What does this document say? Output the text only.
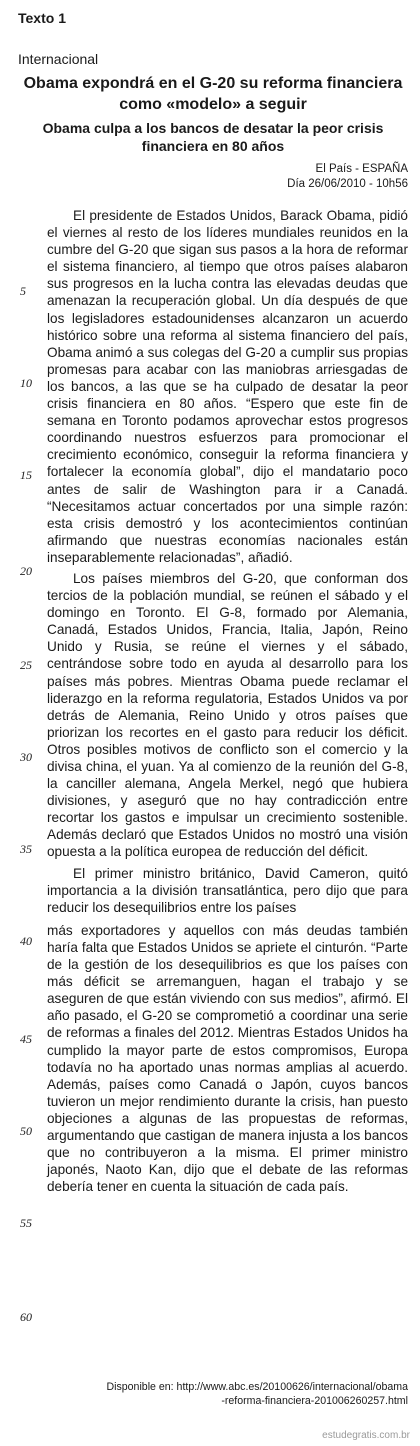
Texto 1
Internacional
Obama expondrá en el G-20 su reforma financiera como «modelo» a seguir
Obama culpa a los bancos de desatar la peor crisis financiera en 80 años
El País - ESPAÑA
Día 26/06/2010 - 10h56

El presidente de Estados Unidos, Barack Obama, pidió el viernes al resto de los líderes mundiales reunidos en la cumbre del G-20 que sigan sus pasos a la hora de reformar el sistema financiero, al tiempo que otros países alabaron sus progresos en la lucha contra las elevadas deudas que amenazan la recuperación global. Un día después de que los legisladores estadounidenses alcanzaron un acuerdo histórico sobre una reforma al sistema financiero del país, Obama animó a sus colegas del G-20 a cumplir sus propias promesas para acabar con las maniobras arriesgadas de los bancos, a las que se ha culpado de desatar la peor crisis financiera en 80 años. “Espero que este fin de semana en Toronto podamos aprovechar estos progresos coordinando nuestros esfuerzos para promocionar el crecimiento económico, conseguir la reforma financiera y fortalecer la economía global”, dijo el mandatario poco antes de salir de Washington para ir a Canadá. “Necesitamos actuar concertados por una simple razón: esta crisis demostró y los acontecimientos continúan afirmando que nuestras economías nacionales están inseparablemente relacionadas”, añadió.

Los países miembros del G-20, que conforman dos tercios de la población mundial, se reúnen el sábado y el domingo en Toronto. El G-8, formado por Alemania, Canadá, Estados Unidos, Francia, Italia, Japón, Reino Unido y Rusia, se reúne el viernes y el sábado, centrándose sobre todo en ayuda al desarrollo para los países más pobres. Mientras Obama puede reclamar el liderazgo en la reforma regulatoria, Estados Unidos va por detrás de Alemania, Reino Unido y otros países que priorizan los recortes en el gasto para reducir los déficit. Otros posibles motivos de conflicto son el comercio y la divisa china, el yuan. Ya al comienzo de la reunión del G-8, la canciller alemana, Angela Merkel, negó que hubiera divisiones, y aseguró que no hay contradicción entre recortar los gastos e impulsar un crecimiento sostenible. Además declaró que Estados Unidos no mostró una visión opuesta a la política europea de reducción del déficit.

El primer ministro británico, David Cameron, quitó importancia a la división transatlántica, pero dijo que para reducir los desequilibrios entre los países

más exportadores y aquellos con más deudas también haría falta que Estados Unidos se apriete el cinturón. “Parte de la gestión de los desequilibrios es que los países con más déficit se arremanguen, hagan el trabajo y se aseguren de que están viviendo con sus medios”, afirmó. El año pasado, el G-20 se comprometió a coordinar una serie de reformas a finales del 2012. Mientras Estados Unidos ha cumplido la mayor parte de estos compromisos, Europa todavía no ha aportado unas normas amplias al acuerdo. Además, países como Canadá o Japón, cuyos bancos tuvieron un mejor rendimiento durante la crisis, han puesto objeciones a algunas de las propuestas de reformas, argumentando que castigan de manera injusta a los bancos que no contribuyeron a la misma. El primer ministro japonés, Naoto Kan, dijo que el debate de las reformas debería tener en cuenta la situación de cada país.

5
10
15
20
25
30
35
40
45
50
55
60
Disponible en: http://www.abc.es/20100626/internacional/obama
-reforma-financiera-201006260257.html
estudegratis.com.br
